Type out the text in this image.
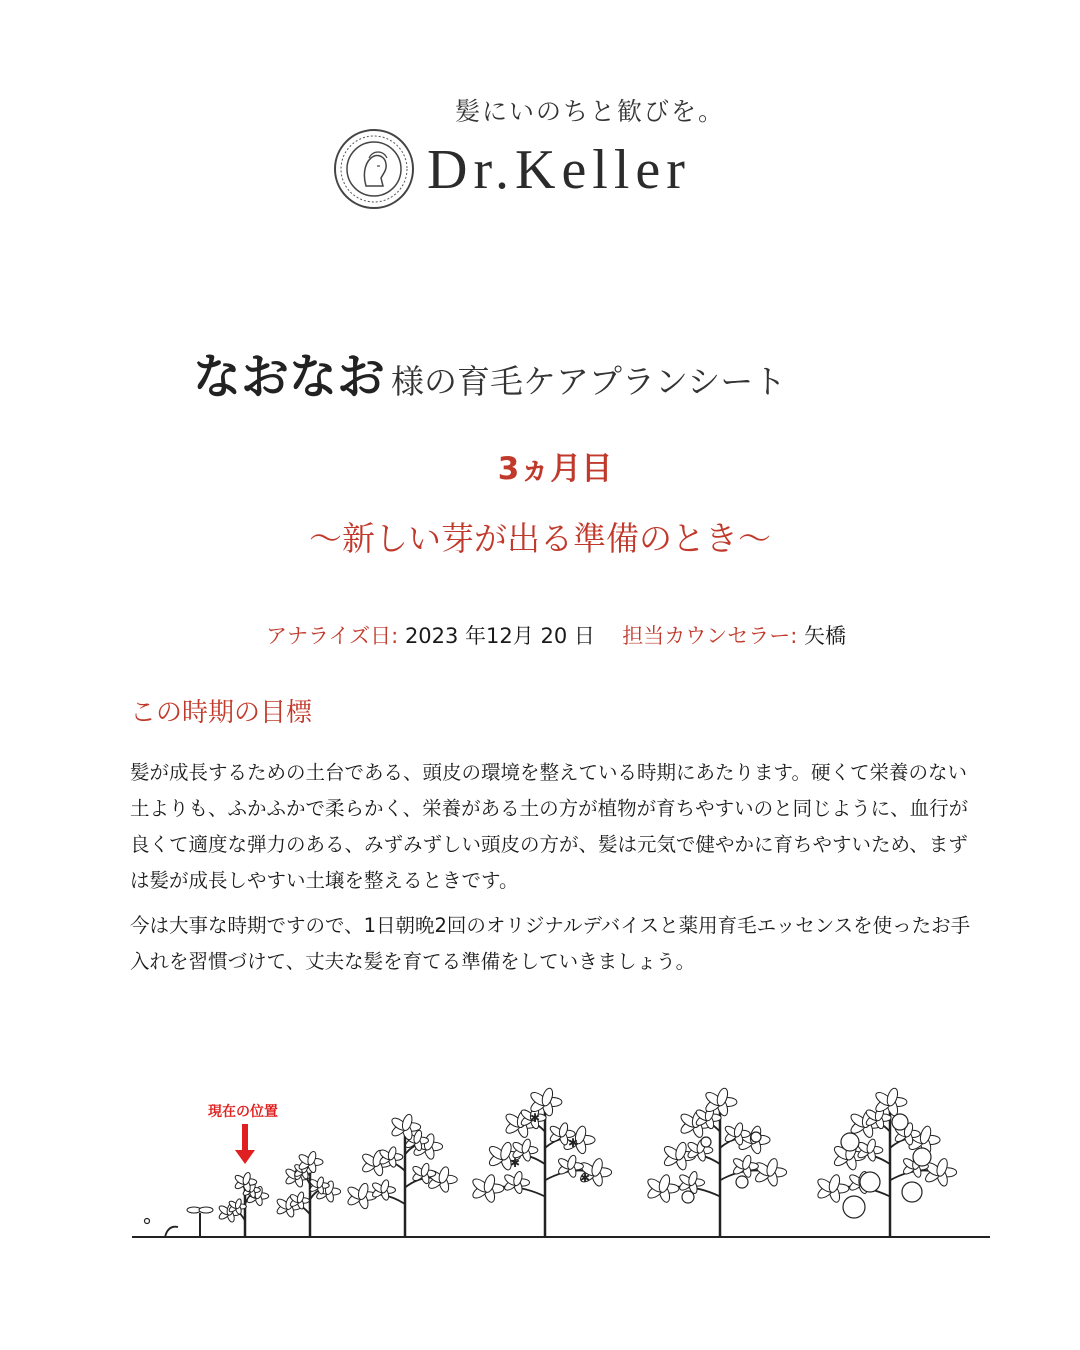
髪にいのちと歓びを。
Dr.Keller
なおなお 様の育毛ケアプランシート
3ヵ月目
〜新しい芽が出る準備のとき〜
アナライズ日: 2023 年12月 20 日 担当カウンセラー: 矢橋
この時期の目標
髪が成長するための土台である、頭皮の環境を整えている時期にあたります。硬くて栄養のない土よりも、ふかふかで柔らかく、栄養がある土の方が植物が育ちやすいのと同じように、血行が良くて適度な弾力のある、みずみずしい頭皮の方が、髪は元気で健やかに育ちやすいため、まずは髪が成長しやすい土壌を整えるときです。
今は大事な時期ですので、1日朝晩2回のオリジナルデバイスと薬用育毛エッセンスを使ったお手入れを習慣づけて、丈夫な髪を育てる準備をしていきましょう。
現在の位置
✱
✱
✱
✱
